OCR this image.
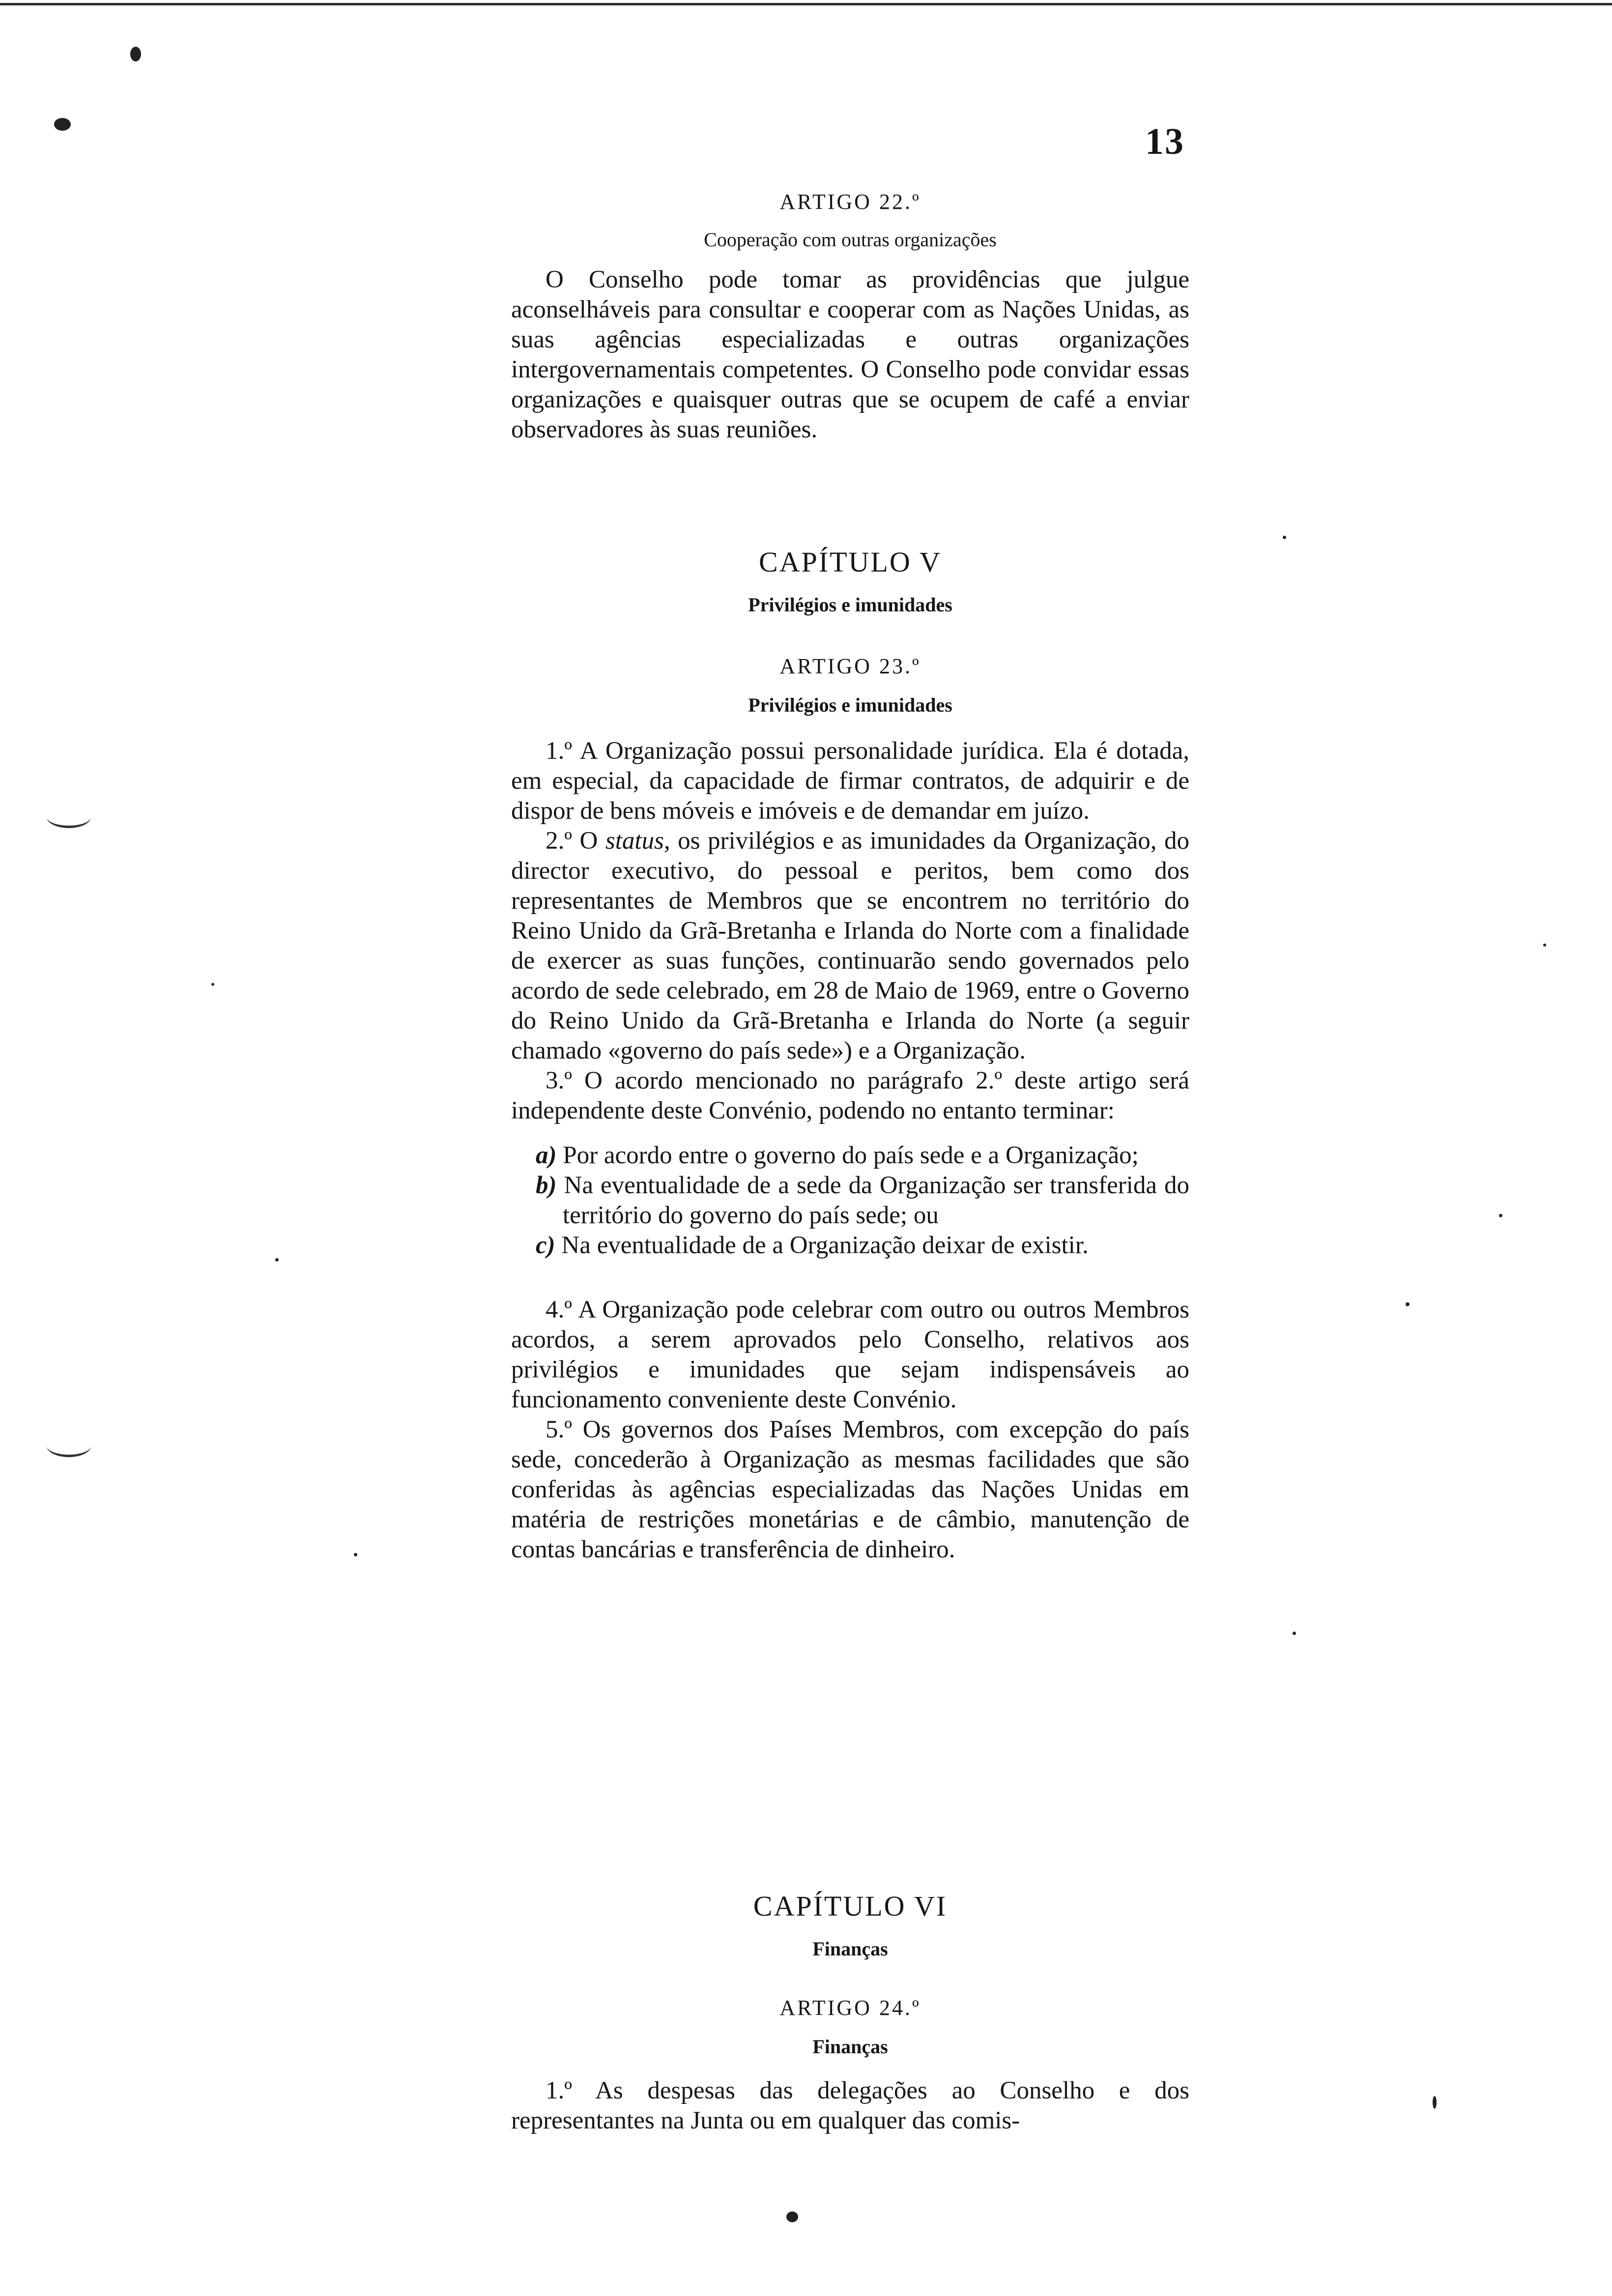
13
ARTIGO 22.º

Cooperação com outras organizações

O Conselho pode tomar as providências que julgue aconselháveis para consultar e cooperar com as Nações Unidas, as suas agências especializadas e outras organizações intergovernamentais competentes. O Conselho pode convidar essas organizações e quaisquer outras que se ocupem de café a enviar observadores às suas reuniões.

CAPÍTULO V

Privilégios e imunidades

ARTIGO 23.º

Privilégios e imunidades

1.º A Organização possui personalidade jurídica. Ela é dotada, em especial, da capacidade de firmar contratos, de adquirir e de dispor de bens móveis e imóveis e de demandar em juízo.

2.º O status, os privilégios e as imunidades da Organização, do director executivo, do pessoal e peritos, bem como dos representantes de Membros que se encontrem no território do Reino Unido da Grã-Bretanha e Irlanda do Norte com a finalidade de exercer as suas funções, continuarão sendo governados pelo acordo de sede celebrado, em 28 de Maio de 1969, entre o Governo do Reino Unido da Grã-Bretanha e Irlanda do Norte (a seguir chamado «governo do país sede») e a Organização.

3.º O acordo mencionado no parágrafo 2.º deste artigo será independente deste Convénio, podendo no entanto terminar:

a) Por acordo entre o governo do país sede e a Organização;

b) Na eventualidade de a sede da Organização ser transferida do território do governo do país sede; ou

c) Na eventualidade de a Organização deixar de existir.

4.º A Organização pode celebrar com outro ou outros Membros acordos, a serem aprovados pelo Conselho, relativos aos privilégios e imunidades que sejam indispensáveis ao funcionamento conveniente deste Convénio.

5.º Os governos dos Países Membros, com excepção do país sede, concederão à Organização as mesmas facilidades que são conferidas às agências especializadas das Nações Unidas em matéria de restrições monetárias e de câmbio, manutenção de contas bancárias e transferência de dinheiro.

CAPÍTULO VI

Finanças

ARTIGO 24.º

Finanças

1.º As despesas das delegações ao Conselho e dos representantes na Junta ou em qualquer das comis-
